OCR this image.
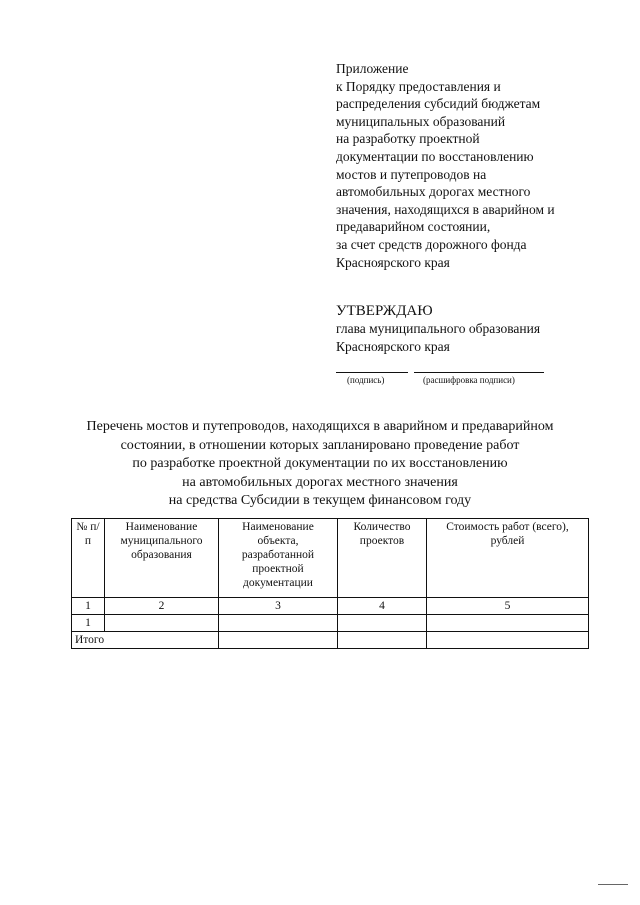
Приложение
к Порядку предоставления и
распределения субсидий бюджетам
муниципальных образований
на разработку проектной
документации по восстановлению
мостов и путепроводов на
автомобильных дорогах местного
значения, находящихся в аварийном и
предаварийном состоянии,
за счет средств дорожного фонда
Красноярского края
УТВЕРЖДАЮ
глава муниципального образования
Красноярского края
(подпись)	(расшифровка подписи)
Перечень мостов и путепроводов, находящихся в аварийном и предаварийном
состоянии, в отношении которых запланировано проведение работ
по разработке проектной документации по их восстановлению
на автомобильных дорогах местного значения
на средства Субсидии в текущем финансовом году
№ п/п	Наименование муниципального образования	Наименование объекта, разработанной проектной документации	Количество проектов	Стоимость работ (всего), рублей
1	2	3	4	5
1				
Итого				
